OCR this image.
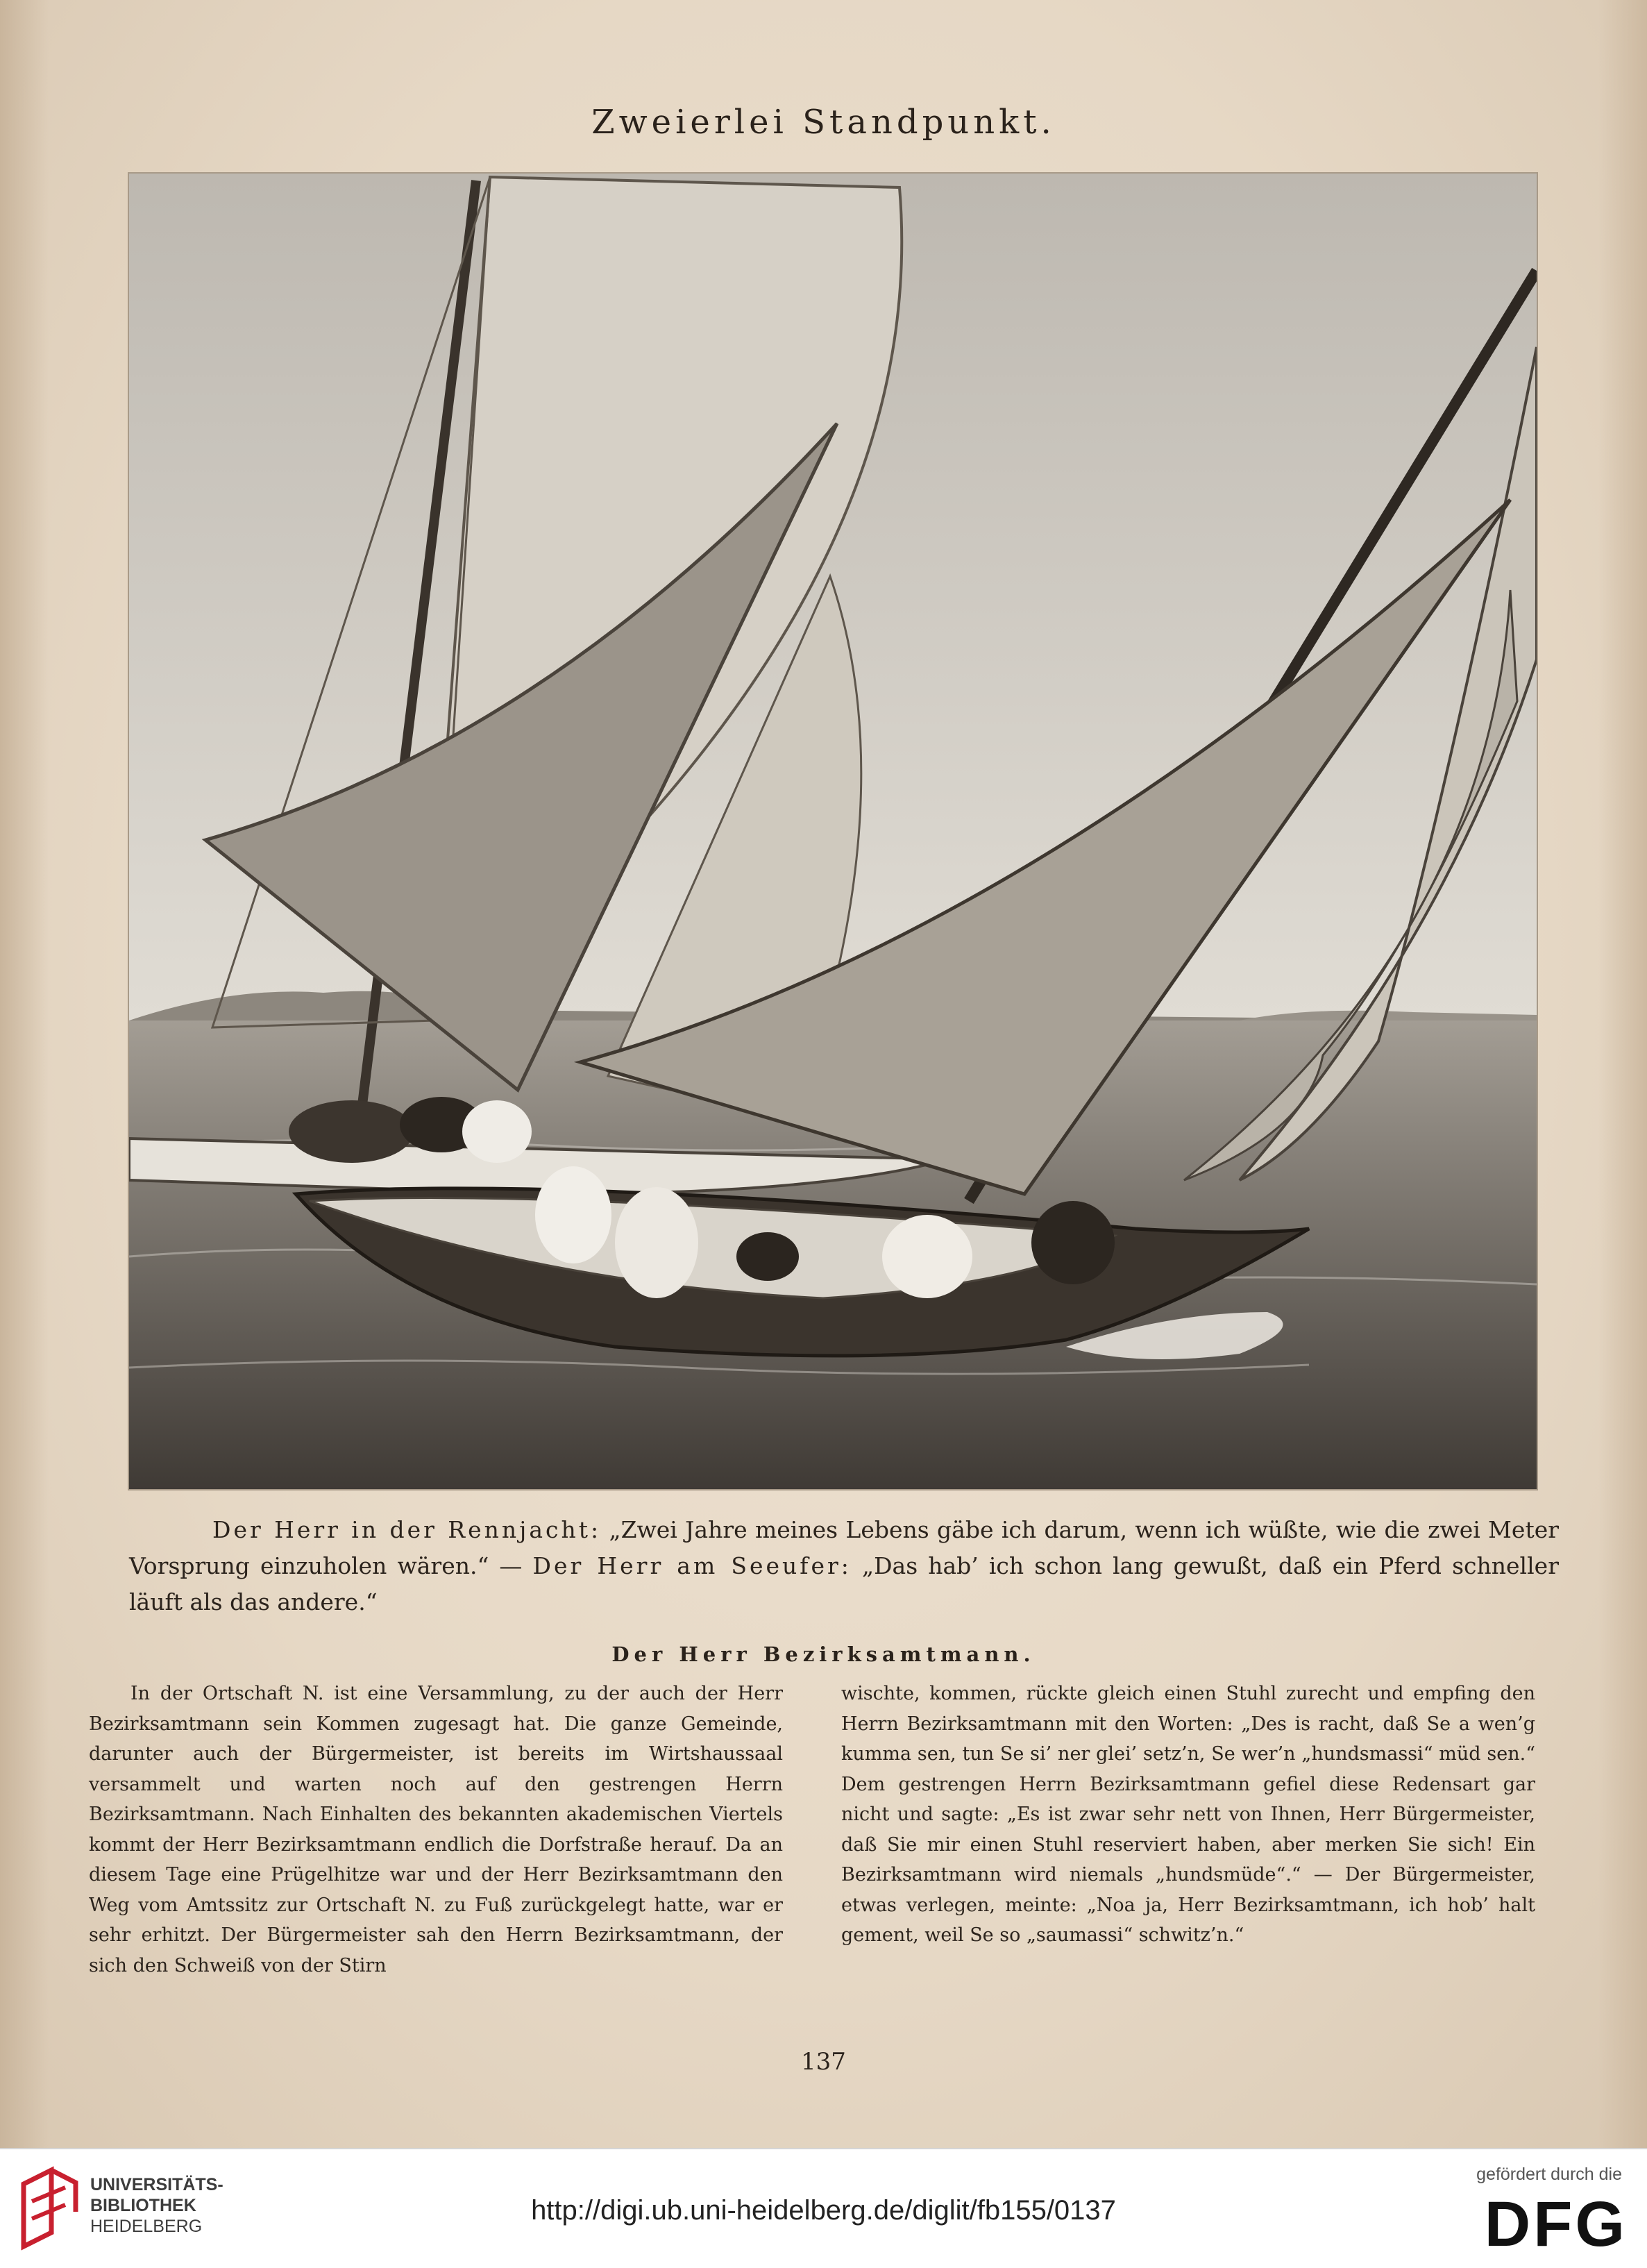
Zweierlei Standpunkt.
Der Herr in der Rennjacht: „Zwei Jahre meines Lebens gäbe ich darum, wenn ich wüßte, wie die zwei Meter Vorsprung einzuholen wären.“ — Der Herr am Seeufer: „Das hab’ ich schon lang gewußt, daß ein Pferd schneller läuft als das andere.“
Der Herr Bezirksamtmann.
In der Ortschaft N. ist eine Versammlung, zu der auch der Herr Bezirksamtmann sein Kommen zugesagt hat. Die ganze Gemeinde, darunter auch der Bürgermeister, ist bereits im Wirtshaussaal versammelt und warten noch auf den gestrengen Herrn Bezirksamtmann. Nach Einhalten des bekannten akademischen Viertels kommt der Herr Bezirksamtmann endlich die Dorfstraße herauf. Da an diesem Tage eine Prügelhitze war und der Herr Bezirksamtmann den Weg vom Amtssitz zur Ortschaft N. zu Fuß zurückgelegt hatte, war er sehr erhitzt. Der Bürgermeister sah den Herrn Bezirksamtmann, der sich den Schweiß von der Stirn
wischte, kommen, rückte gleich einen Stuhl zurecht und empfing den Herrn Bezirksamtmann mit den Worten: „Des is racht, daß Se a wen’g kumma sen, tun Se si’ ner glei’ setz’n, Se wer’n „hundsmassi“ müd sen.“ Dem gestrengen Herrn Bezirksamtmann gefiel diese Redensart gar nicht und sagte: „Es ist zwar sehr nett von Ihnen, Herr Bürgermeister, daß Sie mir einen Stuhl reserviert haben, aber merken Sie sich! Ein Bezirksamtmann wird niemals „hundsmüde“.“ — Der Bürgermeister, etwas verlegen, meinte: „Noa ja, Herr Bezirksamtmann, ich hob’ halt gement, weil Se so „saumassi“ schwitz’n.“
137
UNIVERSITÄTS-
BIBLIOTHEK
HEIDELBERG
http://digi.ub.uni-heidelberg.de/diglit/fb155/0137
gefördert durch die
DFG
